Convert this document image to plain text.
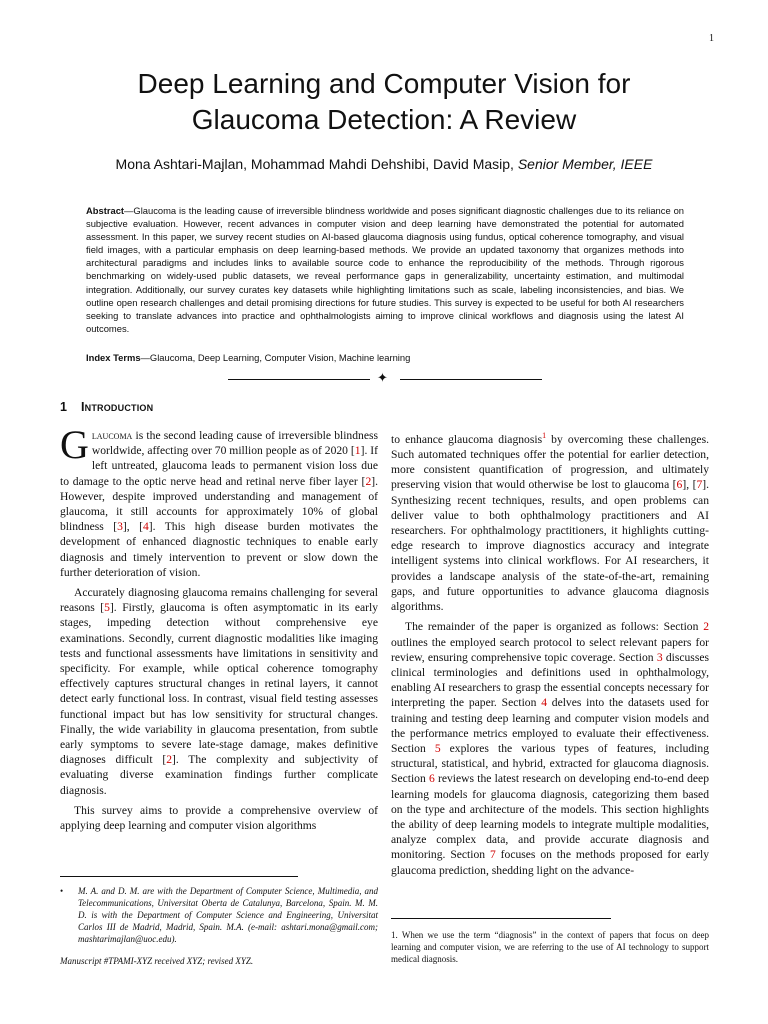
1
Deep Learning and Computer Vision for
Glaucoma Detection: A Review
Mona Ashtari-Majlan, Mohammad Mahdi Dehshibi, David Masip, Senior Member, IEEE
Abstract—Glaucoma is the leading cause of irreversible blindness worldwide and poses significant diagnostic challenges due to its reliance on subjective evaluation. However, recent advances in computer vision and deep learning have demonstrated the potential for automated assessment. In this paper, we survey recent studies on AI-based glaucoma diagnosis using fundus, optical coherence tomography, and visual field images, with a particular emphasis on deep learning-based methods. We provide an updated taxonomy that organizes methods into architectural paradigms and includes links to available source code to enhance the reproducibility of the methods. Through rigorous benchmarking on widely-used public datasets, we reveal performance gaps in generalizability, uncertainty estimation, and multimodal integration. Additionally, our survey curates key datasets while highlighting limitations such as scale, labeling inconsistencies, and bias. We outline open research challenges and detail promising directions for future studies. This survey is expected to be useful for both AI researchers seeking to translate advances into practice and ophthalmologists aiming to improve clinical workflows and diagnosis using the latest AI outcomes.
Index Terms—Glaucoma, Deep Learning, Computer Vision, Machine learning
✦
1 Introduction

Glaucoma is the second leading cause of irreversible blindness worldwide, affecting over 70 million people as of 2020 [1]. If left untreated, glaucoma leads to permanent vision loss due to damage to the optic nerve head and retinal nerve fiber layer [2]. However, despite improved understanding and management of glaucoma, it still accounts for approximately 10% of global blindness [3], [4]. This high disease burden motivates the development of enhanced diagnostic techniques to enable early diagnosis and timely intervention to prevent or slow down the further deterioration of vision.

Accurately diagnosing glaucoma remains challenging for several reasons [5]. Firstly, glaucoma is often asymptomatic in its early stages, impeding detection without comprehensive eye examinations. Secondly, current diagnostic modalities like imaging tests and functional assessments have limitations in sensitivity and specificity. For example, while optical coherence tomography effectively captures structural changes in retinal layers, it cannot detect early functional loss. In contrast, visual field testing assesses functional impact but has low sensitivity for structural changes. Finally, the wide variability in glaucoma presentation, from subtle early symptoms to severe late-stage damage, makes definitive diagnoses difficult [2]. The complexity and subjectivity of evaluating diverse examination findings further complicate diagnosis.

This survey aims to provide a comprehensive overview of applying deep learning and computer vision algorithms

to enhance glaucoma diagnosis$^1$ by overcoming these challenges. Such automated techniques offer the potential for earlier detection, more consistent quantification of progression, and ultimately preserving vision that would otherwise be lost to glaucoma [6], [7]. Synthesizing recent techniques, results, and open problems can deliver value to both ophthalmology practitioners and AI researchers. For ophthalmology practitioners, it highlights cutting-edge research to improve diagnostics accuracy and integrate intelligent systems into clinical workflows. For AI researchers, it provides a landscape analysis of the state-of-the-art, remaining gaps, and future opportunities to advance glaucoma diagnosis algorithms.

The remainder of the paper is organized as follows: Section 2 outlines the employed search protocol to select relevant papers for review, ensuring comprehensive topic coverage. Section 3 discusses clinical terminologies and definitions used in ophthalmology, enabling AI researchers to grasp the essential concepts necessary for interpreting the paper. Section 4 delves into the datasets used for training and testing deep learning and computer vision models and the performance metrics employed to evaluate their effectiveness. Section 5 explores the various types of features, including structural, statistical, and hybrid, extracted for glaucoma diagnosis. Section 6 reviews the latest research on developing end-to-end deep learning models for glaucoma diagnosis, categorizing them based on the type and architecture of the models. This section highlights the ability of deep learning models to integrate multiple modalities, analyze complex data, and provide accurate diagnosis and monitoring. Section 7 focuses on the methods proposed for early glaucoma prediction, shedding light on the advance-

• M. A. and D. M. are with the Department of Computer Science, Multimedia, and Telecommunications, Universitat Oberta de Catalunya, Barcelona, Spain. M. M. D. is with the Department of Computer Science and Engineering, Universitat Carlos III de Madrid, Madrid, Spain. M.A. (e-mail: ashtari.mona@gmail.com; mashtarimajlan@uoc.edu).
Manuscript #TPAMI-XYZ received XYZ; revised XYZ.
1. When we use the term “diagnosis” in the context of papers that focus on deep learning and computer vision, we are referring to the use of AI technology to support medical diagnosis.
